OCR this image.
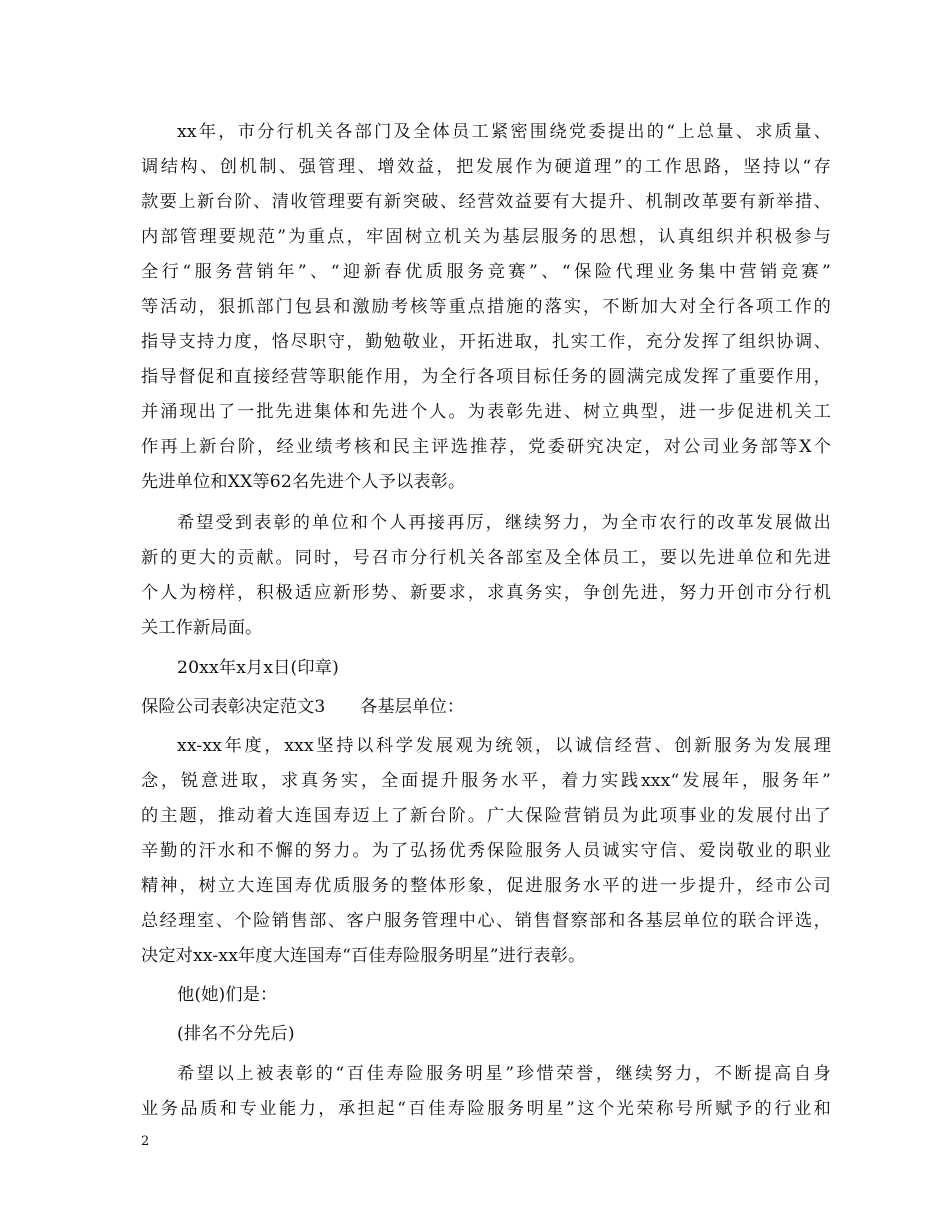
xx年，市分行机关各部门及全体员工紧密围绕党委提出的“上总量、求质量、
调结构、创机制、强管理、增效益，把发展作为硬道理”的工作思路，坚持以“存
款要上新台阶、清收管理要有新突破、经营效益要有大提升、机制改革要有新举措、
内部管理要规范”为重点，牢固树立机关为基层服务的思想，认真组织并积极参与
全行“服务营销年”、“迎新春优质服务竞赛”、“保险代理业务集中营销竞赛”
等活动，狠抓部门包县和激励考核等重点措施的落实，不断加大对全行各项工作的
指导支持力度，恪尽职守，勤勉敬业，开拓进取，扎实工作，充分发挥了组织协调、
指导督促和直接经营等职能作用，为全行各项目标任务的圆满完成发挥了重要作用，
并涌现出了一批先进集体和先进个人。为表彰先进、树立典型，进一步促进机关工
作再上新台阶，经业绩考核和民主评选推荐，党委研究决定，对公司业务部等X个
先进单位和XX等62名先进个人予以表彰。
希望受到表彰的单位和个人再接再厉，继续努力，为全市农行的改革发展做出
新的更大的贡献。同时，号召市分行机关各部室及全体员工，要以先进单位和先进
个人为榜样，积极适应新形势、新要求，求真务实，争创先进，努力开创市分行机
关工作新局面。
20xx年x月x日(印章)
保险公司表彰决定范文3　　各基层单位：
xx-xx年度，xxx坚持以科学发展观为统领，以诚信经营、创新服务为发展理
念，锐意进取，求真务实，全面提升服务水平，着力实践xxx“发展年，服务年”
的主题，推动着大连国寿迈上了新台阶。广大保险营销员为此项事业的发展付出了
辛勤的汗水和不懈的努力。为了弘扬优秀保险服务人员诚实守信、爱岗敬业的职业
精神，树立大连国寿优质服务的整体形象，促进服务水平的进一步提升，经市公司
总经理室、个险销售部、客户服务管理中心、销售督察部和各基层单位的联合评选，
决定对xx-xx年度大连国寿“百佳寿险服务明星”进行表彰。
他(她)们是：
(排名不分先后)
希望以上被表彰的“百佳寿险服务明星”珍惜荣誉，继续努力，不断提高自身
业务品质和专业能力，承担起“百佳寿险服务明星”这个光荣称号所赋予的行业和
2
